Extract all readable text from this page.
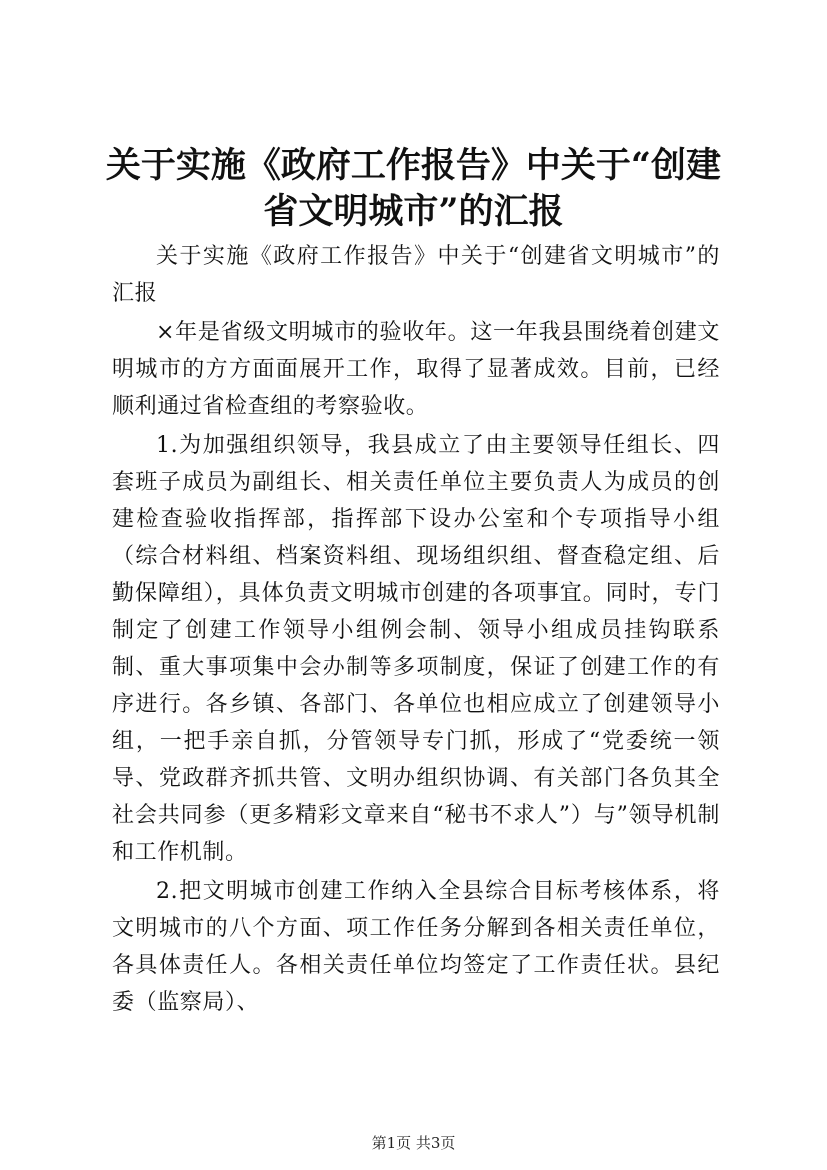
关于实施《政府工作报告》中关于“创建省文明城市”的汇报

关于实施《政府工作报告》中关于“创建省文明城市”的汇报

×年是省级文明城市的验收年。这一年我县围绕着创建文明城市的方方面面展开工作，取得了显著成效。目前，已经顺利通过省检查组的考察验收。

1.为加强组织领导，我县成立了由主要领导任组长、四套班子成员为副组长、相关责任单位主要负责人为成员的创建检查验收指挥部，指挥部下设办公室和个专项指导小组（综合材料组、档案资料组、现场组织组、督查稳定组、后勤保障组），具体负责文明城市创建的各项事宜。同时，专门制定了创建工作领导小组例会制、领导小组成员挂钩联系制、重大事项集中会办制等多项制度，保证了创建工作的有序进行。各乡镇、各部门、各单位也相应成立了创建领导小组，一把手亲自抓，分管领导专门抓，形成了“党委统一领导、党政群齐抓共管、文明办组织协调、有关部门各负其全社会共同参（更多精彩文章来自“秘书不求人”）与”领导机制和工作机制。

2.把文明城市创建工作纳入全县综合目标考核体系，将文明城市的八个方面、项工作任务分解到各相关责任单位，各具体责任人。各相关责任单位均签定了工作责任状。县纪委（监察局）、

第1页 共3页
